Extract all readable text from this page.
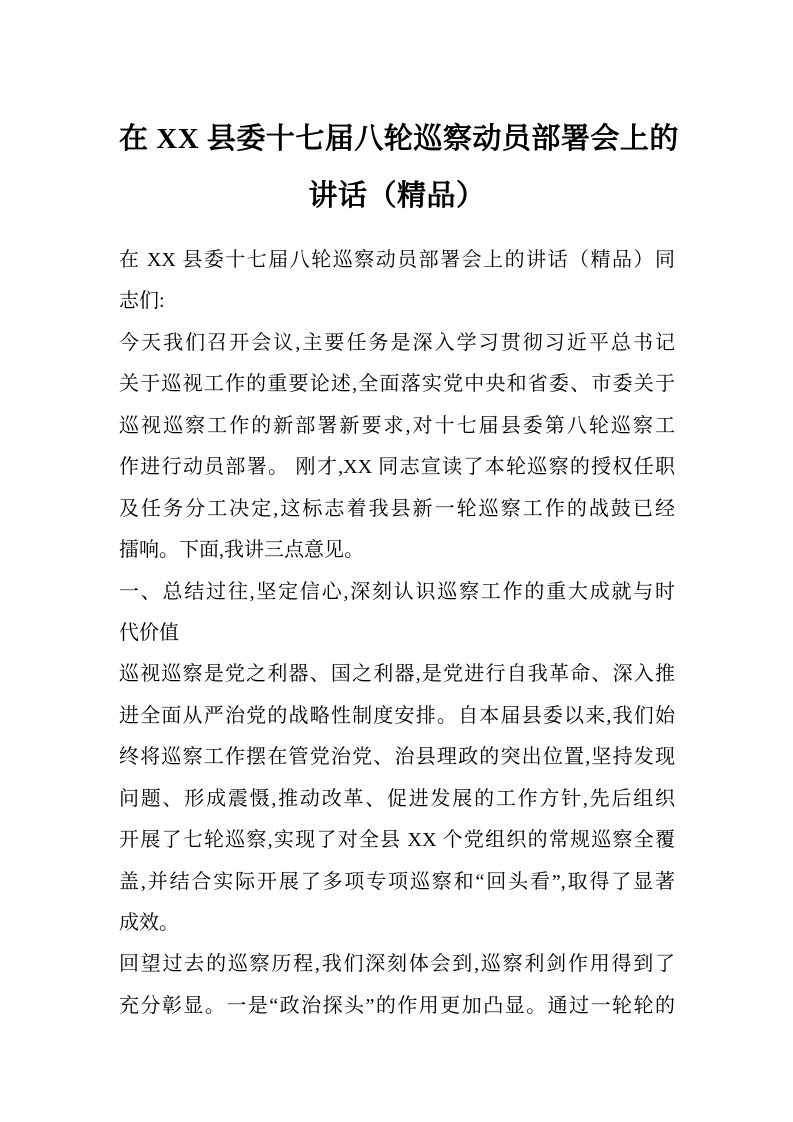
在 XX 县委十七届八轮巡察动员部署会上的
讲话（精品）
在 XX 县委十七届八轮巡察动员部署会上的讲话（精品）同
志们:
今天我们召开会议,主要任务是深入学习贯彻习近平总书记
关于巡视工作的重要论述,全面落实党中央和省委、市委关于
巡视巡察工作的新部署新要求,对十七届县委第八轮巡察工
作进行动员部署。 刚才,XX 同志宣读了本轮巡察的授权任职
及任务分工决定,这标志着我县新一轮巡察工作的战鼓已经
擂响。下面,我讲三点意见。
一、总结过往,坚定信心,深刻认识巡察工作的重大成就与时
代价值
巡视巡察是党之利器、国之利器,是党进行自我革命、深入推
进全面从严治党的战略性制度安排。自本届县委以来,我们始
终将巡察工作摆在管党治党、治县理政的突出位置,坚持发现
问题、形成震慑,推动改革、促进发展的工作方针,先后组织
开展了七轮巡察,实现了对全县 XX 个党组织的常规巡察全覆
盖,并结合实际开展了多项专项巡察和“回头看”,取得了显著
成效。
回望过去的巡察历程,我们深刻体会到,巡察利剑作用得到了
充分彰显。一是“政治探头”的作用更加凸显。通过一轮轮的
